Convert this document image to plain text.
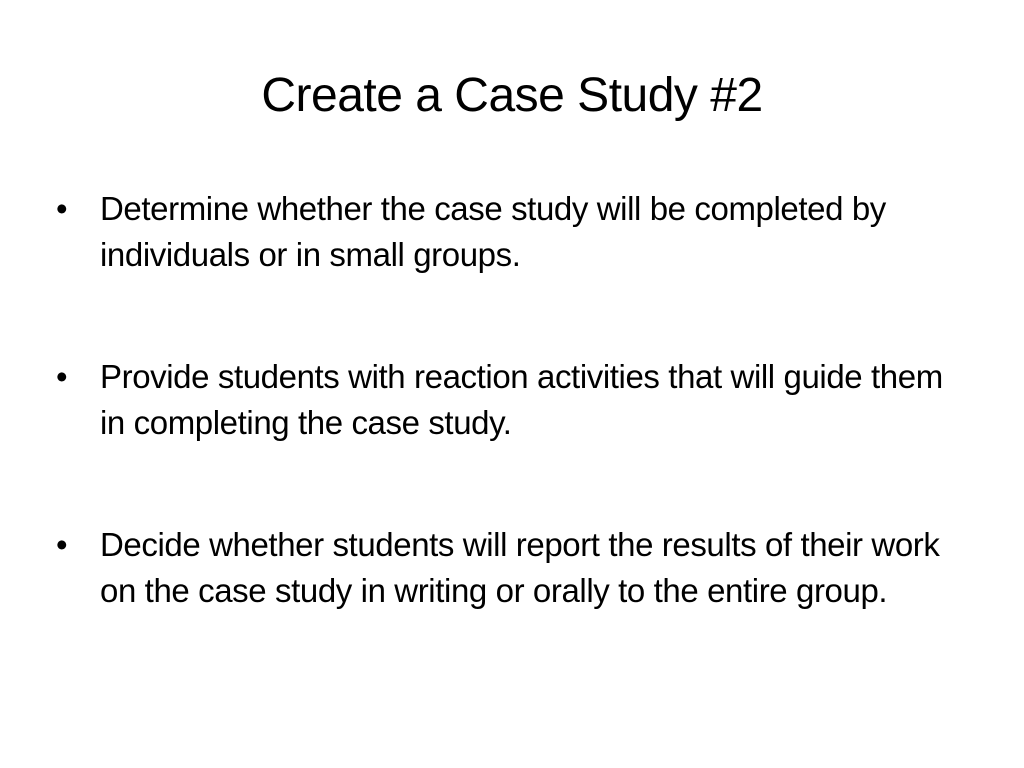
Create a Case Study #2
• Determine whether the case study will be completed by individuals or in small groups.
• Provide students with reaction activities that will guide them in completing the case study.
• Decide whether students will report the results of their work on the case study in writing or orally to the entire group.
